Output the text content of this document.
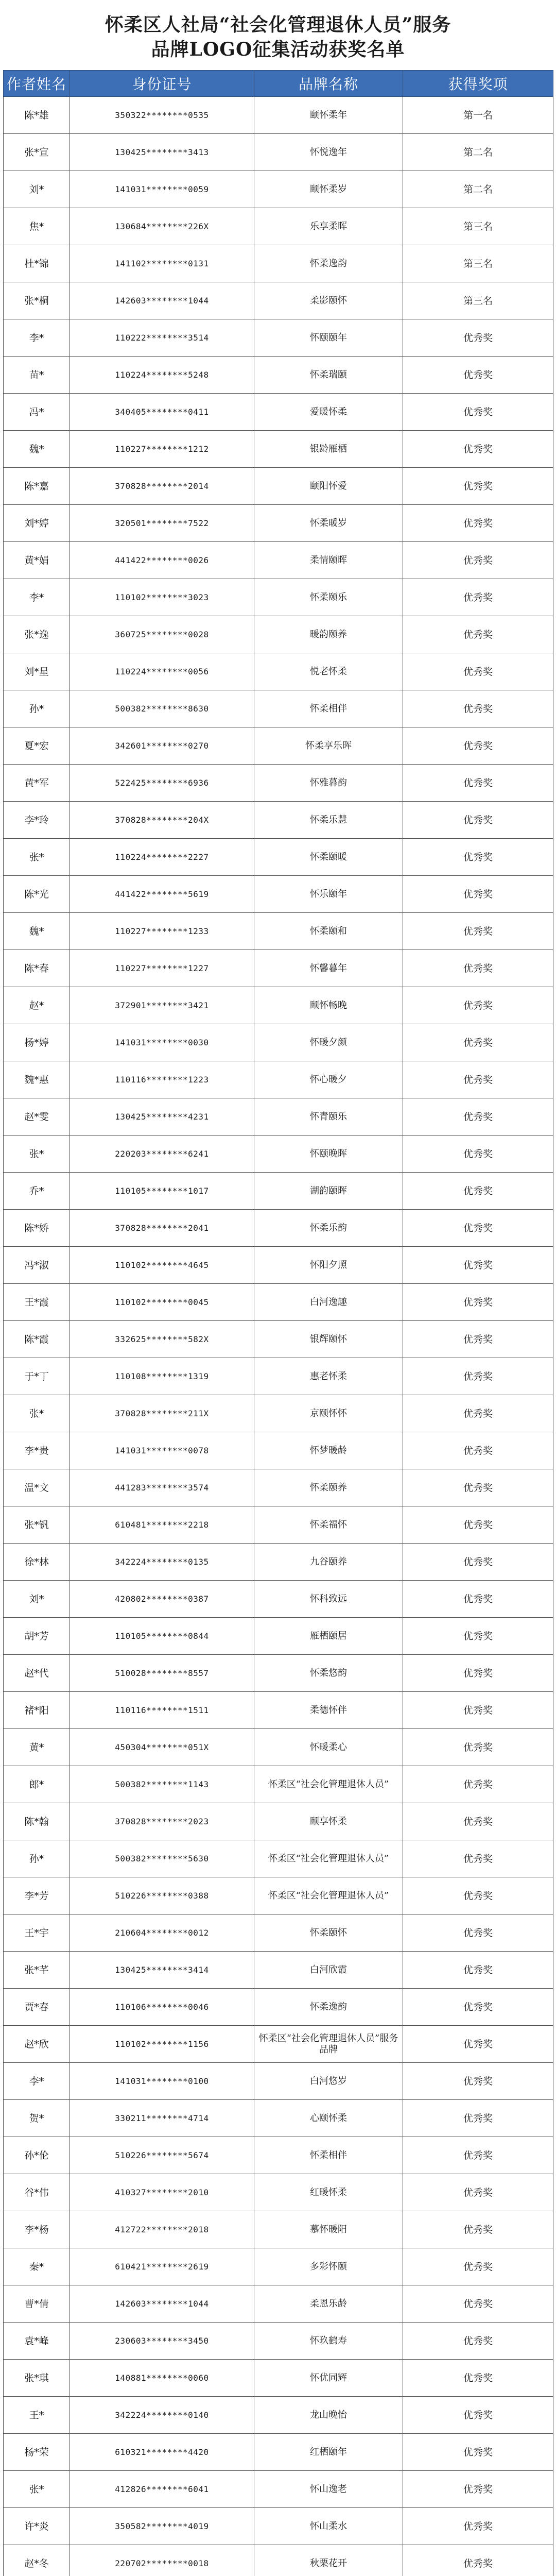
怀柔区人社局“社会化管理退休人员”服务
品牌LOGO征集活动获奖名单
作者姓名	身份证号	品牌名称	获得奖项
陈*雄	350322********0535	颐怀柔年	第一名
张*宣	130425********3413	怀悦逸年	第二名
刘*	141031********0059	颐怀柔岁	第二名
焦*	130684********226X	乐享柔晖	第三名
杜*锦	141102********0131	怀柔逸韵	第三名
张*桐	142603********1044	柔影颐怀	第三名
李*	110222********3514	怀颐颐年	优秀奖
苗*	110224********5248	怀柔瑞颐	优秀奖
冯*	340405********0411	爱暖怀柔	优秀奖
魏*	110227********1212	银龄雁栖	优秀奖
陈*嘉	370828********2014	颐阳怀爱	优秀奖
刘*婷	320501********7522	怀柔暖岁	优秀奖
黄*娟	441422********0026	柔情颐晖	优秀奖
李*	110102********3023	怀柔颐乐	优秀奖
张*逸	360725********0028	暖韵颐养	优秀奖
刘*星	110224********0056	悦老怀柔	优秀奖
孙*	500382********8630	怀柔相伴	优秀奖
夏*宏	342601********0270	怀柔享乐晖	优秀奖
黄*军	522425********6936	怀雅暮韵	优秀奖
李*玲	370828********204X	怀柔乐慧	优秀奖
张*	110224********2227	怀柔颐暖	优秀奖
陈*光	441422********5619	怀乐颐年	优秀奖
魏*	110227********1233	怀柔颐和	优秀奖
陈*春	110227********1227	怀馨暮年	优秀奖
赵*	372901********3421	颐怀畅晚	优秀奖
杨*婷	141031********0030	怀暖夕颜	优秀奖
魏*惠	110116********1223	怀心暖夕	优秀奖
赵*雯	130425********4231	怀青颐乐	优秀奖
张*	220203********6241	怀颐晚晖	优秀奖
乔*	110105********1017	湖韵颐晖	优秀奖
陈*娇	370828********2041	怀柔乐韵	优秀奖
冯*淑	110102********4645	怀阳夕照	优秀奖
王*霞	110102********0045	白河逸趣	优秀奖
陈*霞	332625********582X	银辉颐怀	优秀奖
于*丁	110108********1319	惠老怀柔	优秀奖
张*	370828********211X	京颐怀怀	优秀奖
李*贵	141031********0078	怀梦暖龄	优秀奖
温*文	441283********3574	怀柔颐养	优秀奖
张*钒	610481********2218	怀柔福怀	优秀奖
徐*林	342224********0135	九谷颐养	优秀奖
刘*	420802********0387	怀科致远	优秀奖
胡*芳	110105********0844	雁栖颐居	优秀奖
赵*代	510028********8557	怀柔悠韵	优秀奖
褚*阳	110116********1511	柔德怀伴	优秀奖
黄*	450304********051X	怀暖柔心	优秀奖
郎*	500382********1143	怀柔区“社会化管理退休人员”	优秀奖
陈*翰	370828********2023	颐享怀柔	优秀奖
孙*	500382********5630	怀柔区“社会化管理退休人员”	优秀奖
李*芳	510226********0388	怀柔区“社会化管理退休人员”	优秀奖
王*宇	210604********0012	怀柔颐怀	优秀奖
张*芊	130425********3414	白河欣霞	优秀奖
贾*春	110106********0046	怀柔逸韵	优秀奖
赵*欣	110102********1156	怀柔区“社会化管理退休人员”服务品牌	优秀奖
李*	141031********0100	白河悠岁	优秀奖
贺*	330211********4714	心颐怀柔	优秀奖
孙*伦	510226********5674	怀柔相伴	优秀奖
谷*伟	410327********2010	红暖怀柔	优秀奖
李*杨	412722********2018	慕怀暖阳	优秀奖
秦*	610421********2619	多彩怀颐	优秀奖
曹*倩	142603********1044	柔恩乐龄	优秀奖
袁*峰	230603********3450	怀玖鹤寿	优秀奖
张*琪	140881********0060	怀优同辉	优秀奖
王*	342224********0140	龙山晚怡	优秀奖
杨*荣	610321********4420	红栖颐年	优秀奖
张*	412826********6041	怀山逸老	优秀奖
许*炎	350582********4019	怀山柔水	优秀奖
赵*冬	220702********0018	秋栗花开	优秀奖
